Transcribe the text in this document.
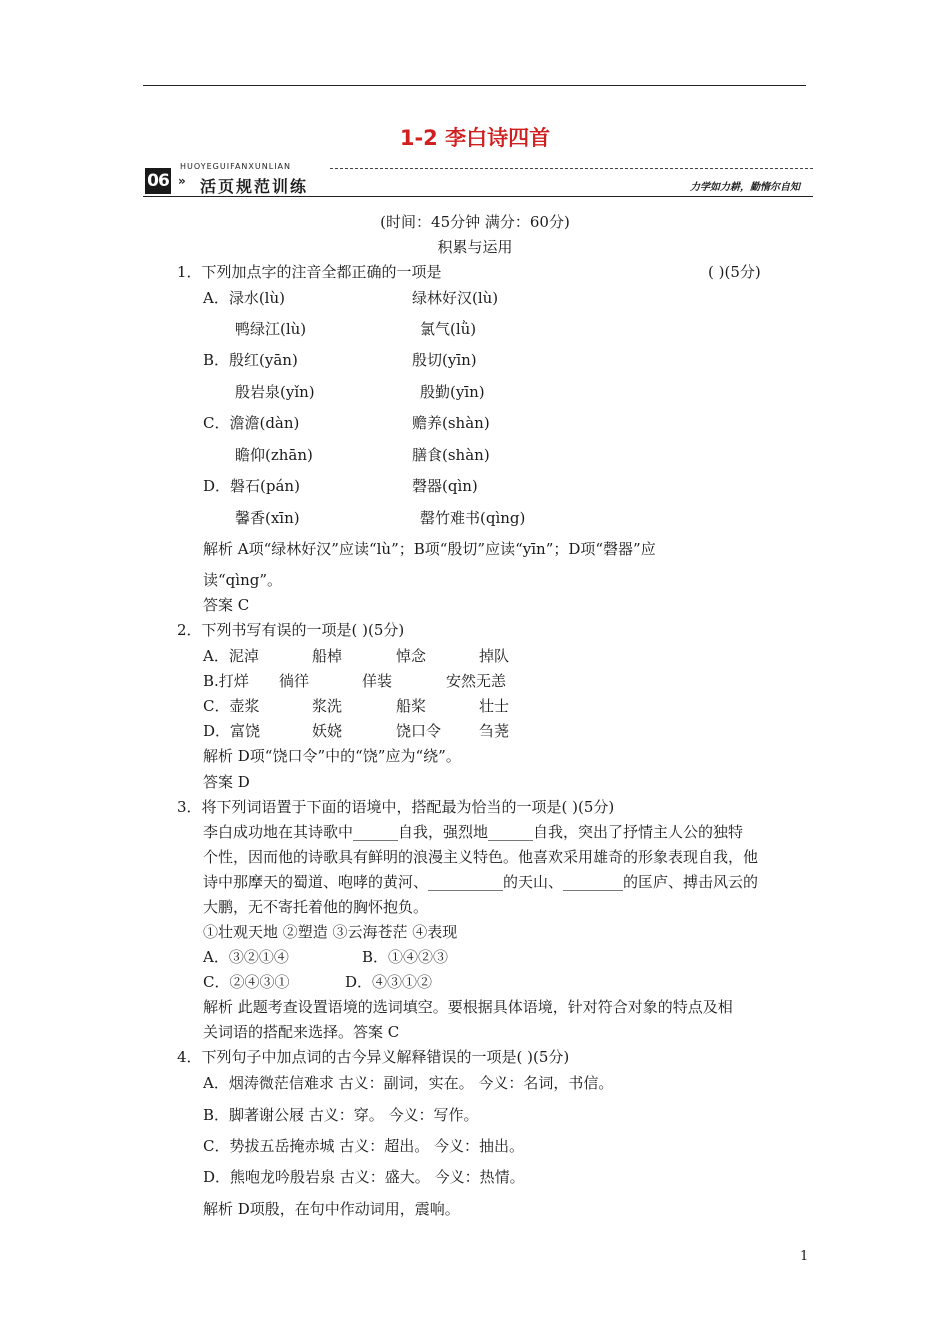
1-2 李白诗四首
HUOYEGUIFANXUNLIAN
06 » 活页规范训练	力学如力耕，勤惰尔自知
(时间：45分钟 满分：60分)
积累与运用
1．下列加点字的注音全都正确的一项是	( )(5分)
A．渌水(lù)	绿林好汉(lù)
鸭绿江(lù)	氯气(lǜ)
B．殷红(yān)	殷切(yīn)
殷岩泉(yǐn)	殷勤(yīn)
C．澹澹(dàn)	赡养(shàn)
瞻仰(zhān)	膳食(shàn)
D．磐石(pán)	磬器(qìn)
馨香(xīn)	罄竹难书(qìng)
解析 A项“绿林好汉”应读“lù”；B项“殷切”应读“yīn”；D项“磬器”应
读“qìng”。
答案 C
2．下列书写有误的一项是( )(5分)
A．泥淖	船棹	悼念	掉队
B.打烊 徜徉	佯装	安然无恙
C．壶浆	浆洗	船桨	壮士
D．富饶	妖娆	饶口令	刍荛
解析 D项“饶口令”中的“饶”应为“绕”。
答案 D
3．将下列词语置于下面的语境中，搭配最为恰当的一项是( )(5分)
李白成功地在其诗歌中______自我，强烈地______自我，突出了抒情主人公的独特
个性，因而他的诗歌具有鲜明的浪漫主义特色。他喜欢采用雄奇的形象表现自我，他
诗中那摩天的蜀道、咆哮的黄河、__________的天山、________的匡庐、搏击风云的
大鹏，无不寄托着他的胸怀抱负。
①壮观天地 ②塑造 ③云海苍茫 ④表现
A．③②①④	B．①④②③
C．②④③①	D．④③①②
解析 此题考查设置语境的选词填空。要根据具体语境，针对符合对象的特点及相
关词语的搭配来选择。答案 C
4．下列句子中加点词的古今异义解释错误的一项是( )(5分)
A．烟涛微茫信难求 古义：副词，实在。 今义：名词，书信。
B．脚著谢公屐 古义：穿。 今义：写作。
C．势拔五岳掩赤城 古义：超出。 今义：抽出。
D．熊咆龙吟殷岩泉 古义：盛大。 今义：热情。
解析 D项殷，在句中作动词用，震响。
1
